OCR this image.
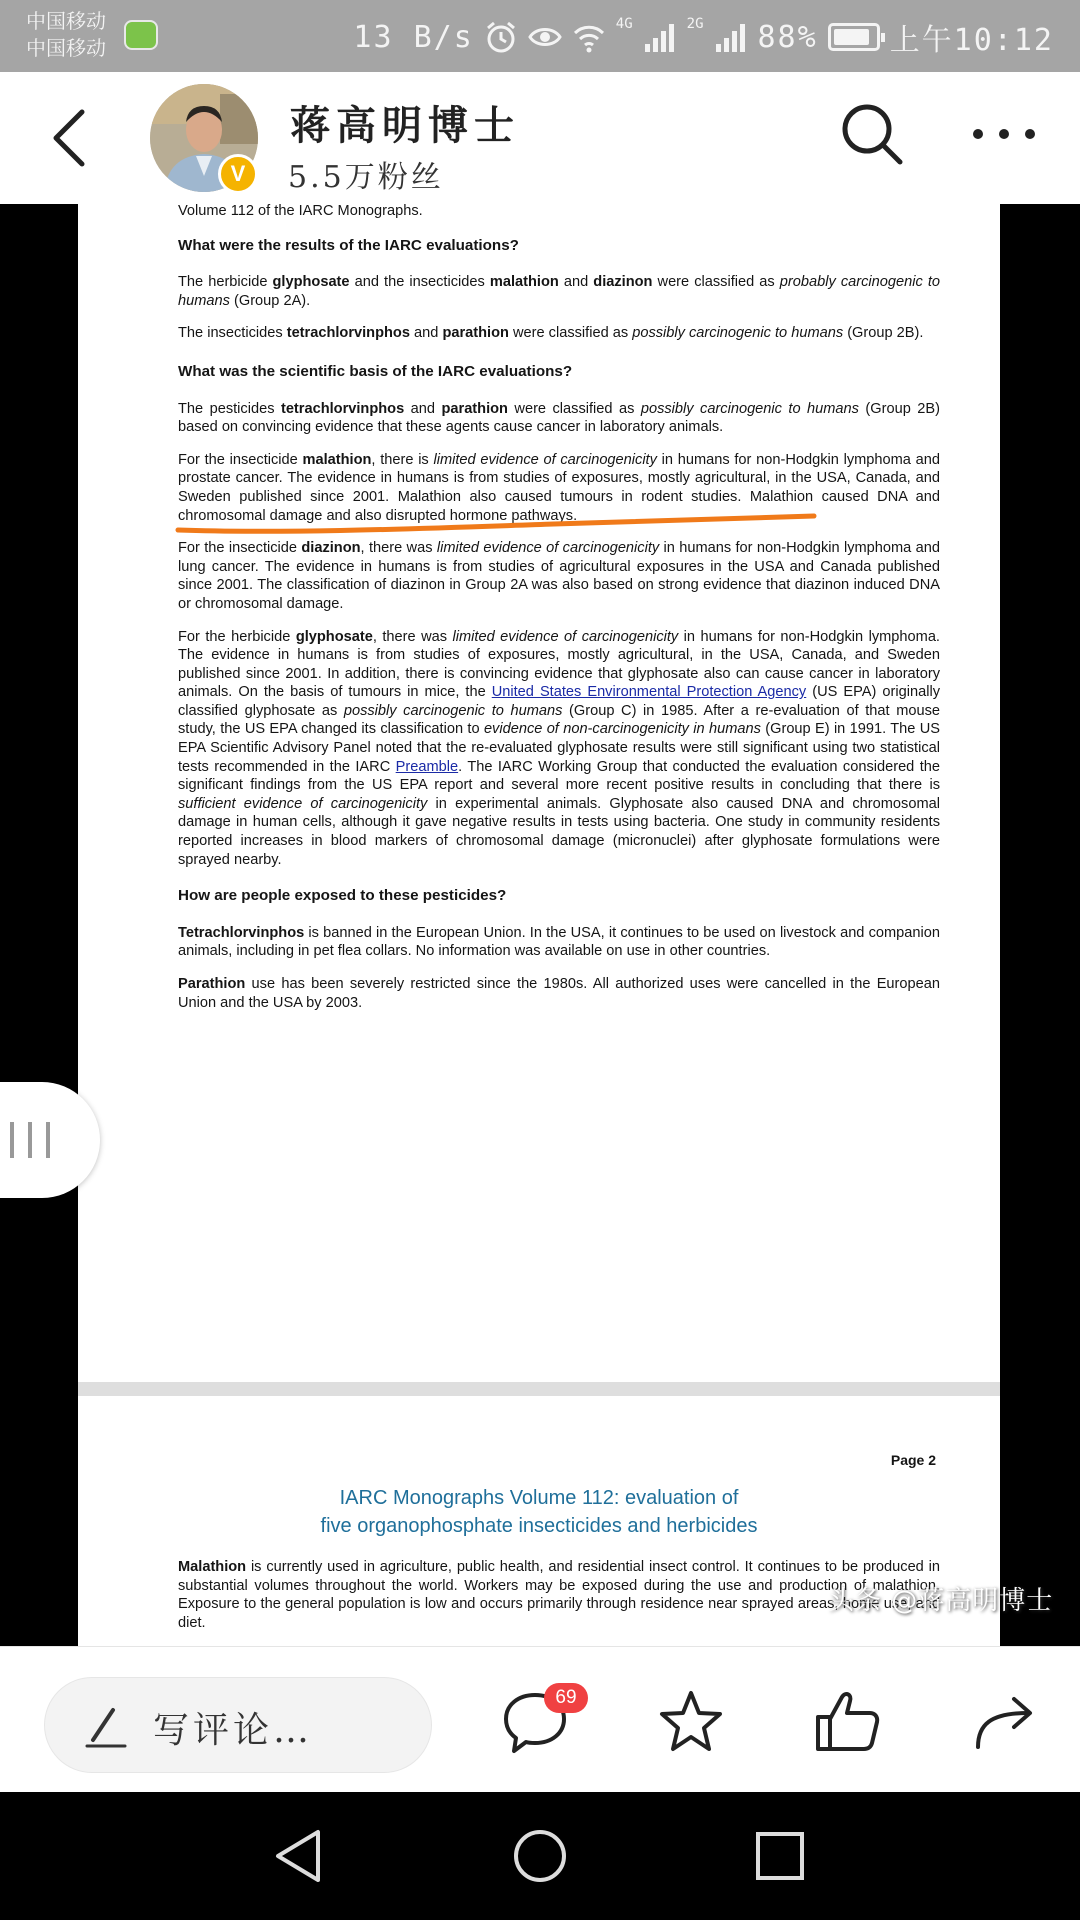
中国移动
中国移动	13 B/s	4G	2G 88% 上午10:12
V
蒋高明博士
5.5万粉丝

Volume 112 of the IARC Monographs.

What were the results of the IARC evaluations?

The herbicide glyphosate and the insecticides malathion and diazinon were classified as probably carcinogenic to humans (Group 2A).

The insecticides tetrachlorvinphos and parathion were classified as possibly carcinogenic to humans (Group 2B).

What was the scientific basis of the IARC evaluations?

The pesticides tetrachlorvinphos and parathion were classified as possibly carcinogenic to humans (Group 2B) based on convincing evidence that these agents cause cancer in laboratory animals.

For the insecticide malathion, there is limited evidence of carcinogenicity in humans for non-Hodgkin lymphoma and prostate cancer. The evidence in humans is from studies of exposures, mostly agricultural, in the USA, Canada, and Sweden published since 2001. Malathion also caused tumours in rodent studies. Malathion caused DNA and chromosomal damage and also disrupted hormone pathways.

For the insecticide diazinon, there was limited evidence of carcinogenicity in humans for non-Hodgkin lymphoma and lung cancer. The evidence in humans is from studies of agricultural exposures in the USA and Canada published since 2001. The classification of diazinon in Group 2A was also based on strong evidence that diazinon induced DNA or chromosomal damage.

For the herbicide glyphosate, there was limited evidence of carcinogenicity in humans for non-Hodgkin lymphoma. The evidence in humans is from studies of exposures, mostly agricultural, in the USA, Canada, and Sweden published since 2001. In addition, there is convincing evidence that glyphosate also can cause cancer in laboratory animals. On the basis of tumours in mice, the United States Environmental Protection Agency (US EPA) originally classified glyphosate as possibly carcinogenic to humans (Group C) in 1985. After a re-evaluation of that mouse study, the US EPA changed its classification to evidence of non-carcinogenicity in humans (Group E) in 1991. The US EPA Scientific Advisory Panel noted that the re-evaluated glyphosate results were still significant using two statistical tests recommended in the IARC Preamble. The IARC Working Group that conducted the evaluation considered the significant findings from the US EPA report and several more recent positive results in concluding that there is sufficient evidence of carcinogenicity in experimental animals. Glyphosate also caused DNA and chromosomal damage in human cells, although it gave negative results in tests using bacteria. One study in community residents reported increases in blood markers of chromosomal damage (micronuclei) after glyphosate formulations were sprayed nearby.

How are people exposed to these pesticides?

Tetrachlorvinphos is banned in the European Union. In the USA, it continues to be used on livestock and companion animals, including in pet flea collars. No information was available on use in other countries.

Parathion use has been severely restricted since the 1980s. All authorized uses were cancelled in the European Union and the USA by 2003.

Page 2
IARC Monographs Volume 112: evaluation of
five organophosphate insecticides and herbicides

Malathion is currently used in agriculture, public health, and residential insect control. It continues to be produced in substantial volumes throughout the world. Workers may be exposed during the use and production of malathion. Exposure to the general population is low and occurs primarily through residence near sprayed areas, home use, and diet.

头条 @蒋高明博士
写评论…
69
